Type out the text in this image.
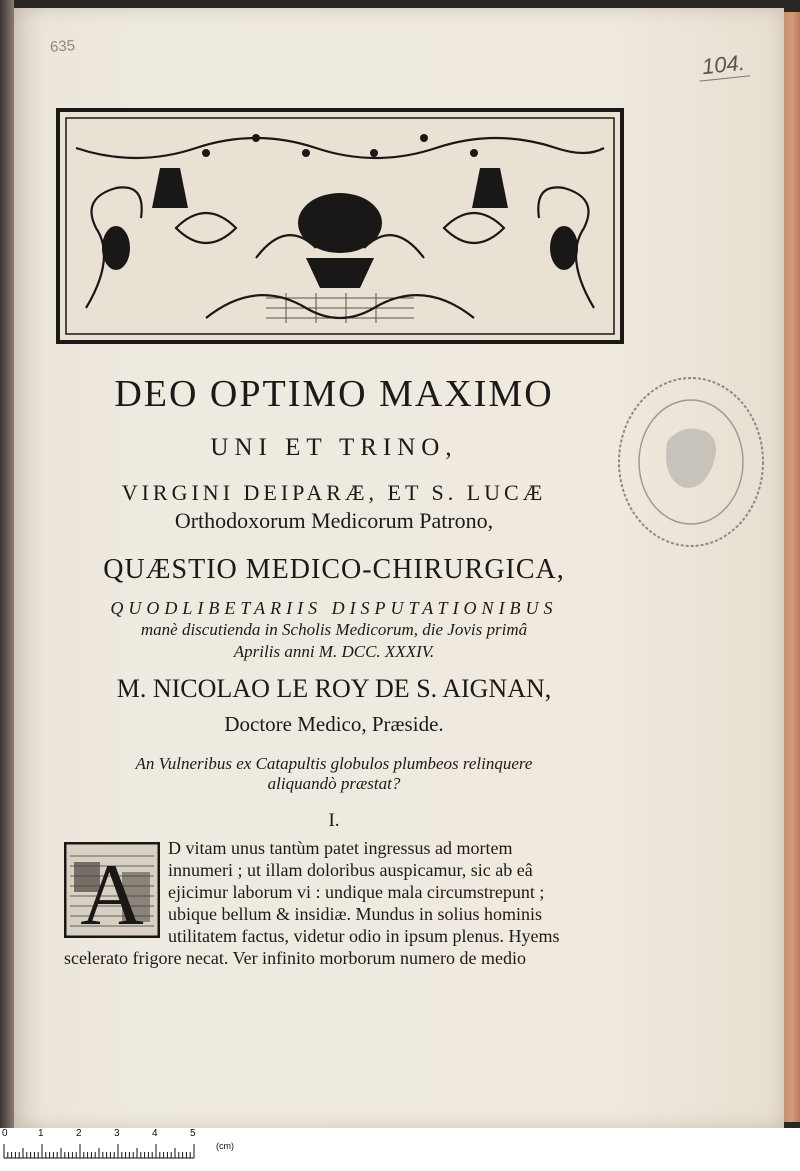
635
104.
DEO OPTIMO MAXIMO
UNI ET TRINO,
VIRGINI DEIPARÆ, ET S. LUCÆ
Orthodoxorum Medicorum Patrono,
QUÆSTIO MEDICO-CHIRURGICA,
QUODLIBETARIIS DISPUTATIONIBUS
manè discutienda in Scholis Medicorum, die Jovis primâ
Aprilis anni M. DCC. XXXIV.
M. NICOLAO LE ROY DE S. AIGNAN,
Doctore Medico, Præside.
An Vulneribus ex Catapultis globulos plumbeos relinquere
aliquandò præstat?
I.
A D vitam unus tantùm patet ingressus ad mortem
innumeri ; ut illam doloribus auspicamur, sic ab eâ
ejicimur laborum vi : undique mala circumstrepunt ;
ubique bellum & insidiæ. Mundus in solius hominis
utilitatem factus, videtur odio in ipsum plenus. Hyems
scelerato frigore necat. Ver infinito morborum numero de medio
0	1	2	3	4	5
(cm)
